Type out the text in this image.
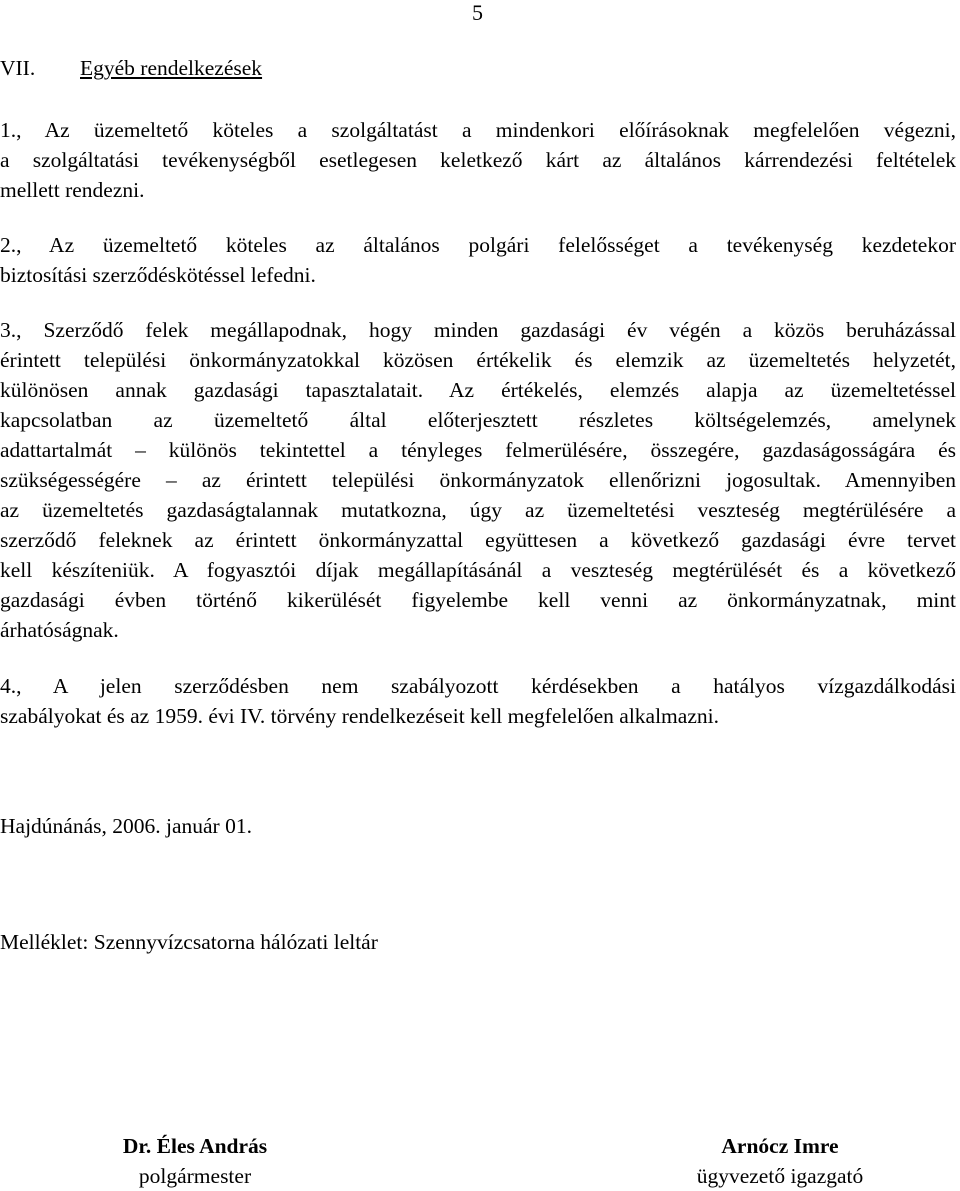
5
VII. Egyéb rendelkezések
1., Az üzemeltető köteles a szolgáltatást a mindenkori előírásoknak megfelelően végezni,
a szolgáltatási tevékenységből esetlegesen keletkező kárt az általános kárrendezési feltételek
mellett rendezni.
2., Az üzemeltető köteles az általános polgári felelősséget a tevékenység kezdetekor
biztosítási szerződéskötéssel lefedni.
3., Szerződő felek megállapodnak, hogy minden gazdasági év végén a közös beruházással
érintett települési önkormányzatokkal közösen értékelik és elemzik az üzemeltetés helyzetét,
különösen annak gazdasági tapasztalatait. Az értékelés, elemzés alapja az üzemeltetéssel
kapcsolatban az üzemeltető által előterjesztett részletes költségelemzés, amelynek
adattartalmát – különös tekintettel a tényleges felmerülésére, összegére, gazdaságosságára és
szükségességére – az érintett települési önkormányzatok ellenőrizni jogosultak. Amennyiben
az üzemeltetés gazdaságtalannak mutatkozna, úgy az üzemeltetési veszteség megtérülésére a
szerződő feleknek az érintett önkormányzattal együttesen a következő gazdasági évre tervet
kell készíteniük. A fogyasztói díjak megállapításánál a veszteség megtérülését és a következő
gazdasági évben történő kikerülését figyelembe kell venni az önkormányzatnak, mint
árhatóságnak.
4., A jelen szerződésben nem szabályozott kérdésekben a hatályos vízgazdálkodási
szabályokat és az 1959. évi IV. törvény rendelkezéseit kell megfelelően alkalmazni.
Hajdúnánás, 2006. január 01.
Melléklet: Szennyvízcsatorna hálózati leltár
Dr. Éles András
polgármester
Arnócz Imre
ügyvezető igazgató
